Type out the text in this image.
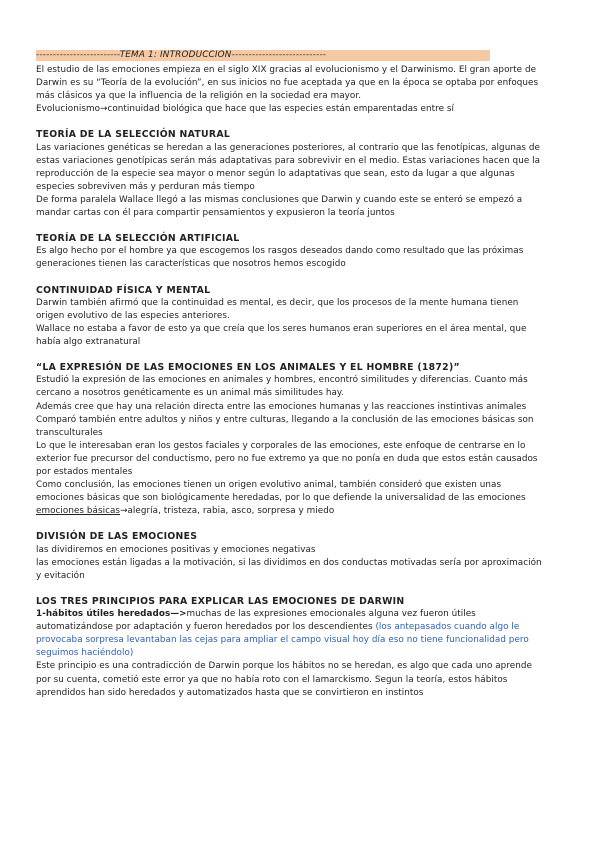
-------------------------TEMA 1: INTRODUCCIÓN----------------------------

El estudio de las emociones empieza en el siglo XIX gracias al evolucionismo y el Darwinismo. El gran aporte de Darwin es su “Teoría de la evolución”, en sus inicios no fue aceptada ya que en la época se optaba por enfoques más clásicos ya que la influencia de la religión en la sociedad era mayor.

Evolucionismo→continuidad biológica que hace que las especies están emparentadas entre sí

TEORÍA DE LA SELECCIÓN NATURAL

Las variaciones genéticas se heredan a las generaciones posteriores, al contrario que las fenotípicas, algunas de estas variaciones genotípicas serán más adaptativas para sobrevivir en el medio. Estas variaciones hacen que la reproducción de la especie sea mayor o menor según lo adaptativas que sean, esto da lugar a que algunas especies sobreviven más y perduran más tiempo

De forma paralela Wallace llegó a las mismas conclusiones que Darwin y cuando este se enteró se empezó a mandar cartas con él para compartir pensamientos y expusieron la teoría juntos

TEORÍA DE LA SELECCIÓN ARTIFICIAL

Es algo hecho por el hombre ya que escogemos los rasgos deseados dando como resultado que las próximas generaciones tienen las características que nosotros hemos escogido

CONTINUIDAD FÍSICA Y MENTAL

Darwin también afirmó que la continuidad es mental, es decir, que los procesos de la mente humana tienen origen evolutivo de las especies anteriores.

Wallace no estaba a favor de esto ya que creía que los seres humanos eran superiores en el área mental, que había algo extranatural

“LA EXPRESIÓN DE LAS EMOCIONES EN LOS ANIMALES Y EL HOMBRE (1872)”

Estudió la expresión de las emociones en animales y hombres, encontró similitudes y diferencias. Cuanto más cercano a nosotros genéticamente es un animal más similitudes hay.

Además cree que hay una relación directa entre las emociones humanas y las reacciones instintivas animales

Comparó también entre adultos y niños y entre culturas, llegando a la conclusión de las emociones básicas son transculturales

Lo que le interesaban eran los gestos faciales y corporales de las emociones, este enfoque de centrarse en lo exterior fue precursor del conductismo, pero no fue extremo ya que no ponía en duda que estos están causados por estados mentales

Como conclusión, las emociones tienen un origen evolutivo animal, también consideró que existen unas emociones básicas que son biológicamente heredadas, por lo que defiende la universalidad de las emociones

emociones básicas→alegría, tristeza, rabia, asco, sorpresa y miedo

DIVISIÓN DE LAS EMOCIONES

las dividiremos en emociones positivas y emociones negativas

las emociones están ligadas a la motivación, si las dividimos en dos conductas motivadas sería por aproximación y evitación

LOS TRES PRINCIPIOS PARA EXPLICAR LAS EMOCIONES DE DARWIN

1-hábitos útiles heredados—>muchas de las expresiones emocionales alguna vez fueron útiles automatizándose por adaptación y fueron heredados por los descendientes (los antepasados cuando algo le provocaba sorpresa levantaban las cejas para ampliar el campo visual hoy día eso no tiene funcionalidad pero seguimos haciéndolo)

Este principio es una contradicción de Darwin porque los hábitos no se heredan, es algo que cada uno aprende por su cuenta, cometió este error ya que no había roto con el lamarckismo. Segun la teoría, estos hábitos aprendidos han sido heredados y automatizados hasta que se convirtieron en instintos
